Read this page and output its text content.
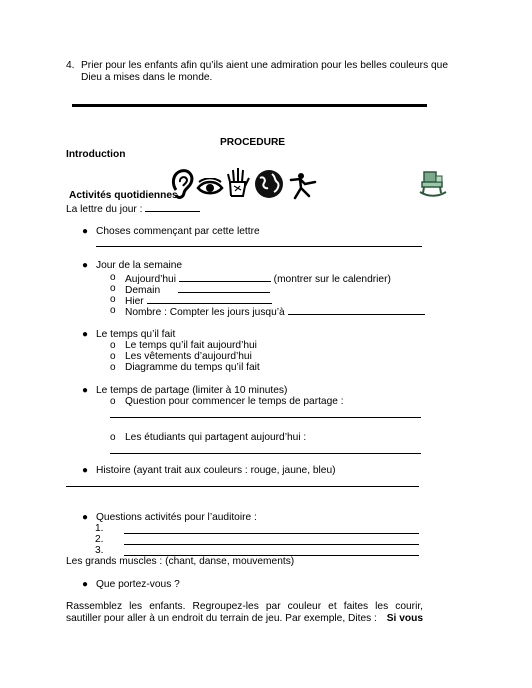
4. Prier pour les enfants afin qu’ils aient une admiration pour les belles couleurs que
Dieu a mises dans le monde.
PROCEDURE
Introduction
Activités quotidiennes
La lettre du jour :
● Choses commençant par cette lettre
● Jour de la semaine
o Aujourd’hui	(montrer sur le calendrier)
o Demain
o Hier
o Nombre : Compter les jours jusqu’à
● Le temps qu’il fait
o Le temps qu’il fait aujourd’hui
o Les vêtements d’aujourd’hui
o Diagramme du temps qu’il fait
● Le temps de partage (limiter à 10 minutes)
o Question pour commencer le temps de partage :
o Les étudiants qui partagent aujourd’hui :
● Histoire (ayant trait aux couleurs : rouge, jaune, bleu)
● Questions activités pour l’auditoire :
1.
2.
3.
Les grands muscles : (chant, danse, mouvements)
● Que portez-vous ?
Rassemblez les enfants. Regroupez-les par couleur et faites les courir,
sautiller pour aller à un endroit du terrain de jeu. Par exemple, Dites : Si vous
